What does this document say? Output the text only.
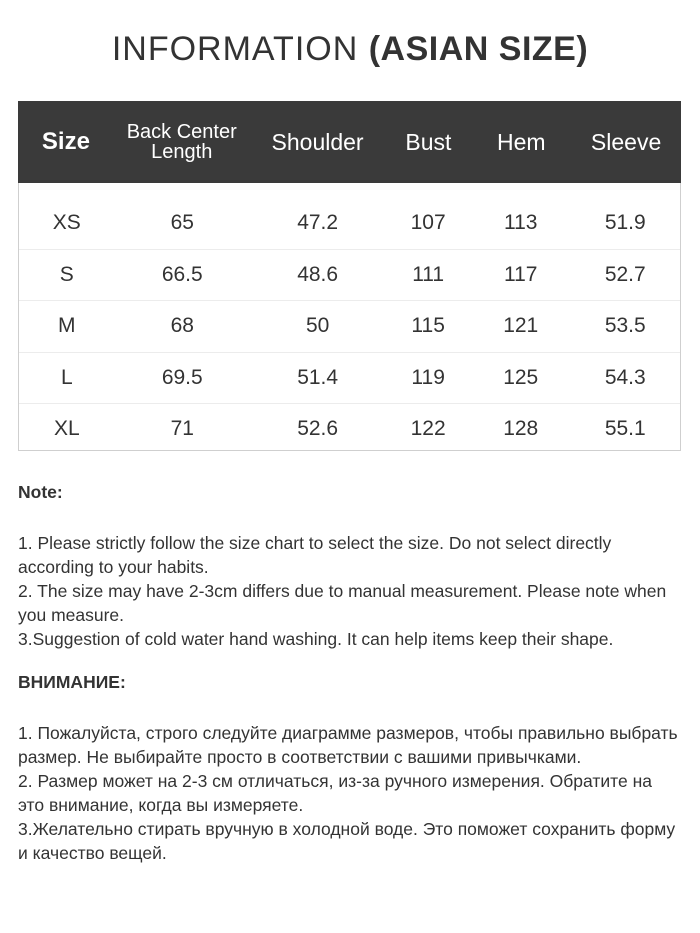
INFORMATION (ASIAN SIZE)
Size	Back Center Length	Shoulder	Bust	Hem	Sleeve
XS	65	47.2	107	113	51.9
S	66.5	48.6	111	117	52.7
M	68	50	115	121	53.5
L	69.5	51.4	119	125	54.3
XL	71	52.6	122	128	55.1

Note:

1. Please strictly follow the size chart to select the size. Do not select directly according to your habits.

2. The size may have 2-3cm differs due to manual measurement. Please note when you measure.

3.Suggestion of cold water hand washing. It can help items keep their shape.

ВНИМАНИЕ:

1. Пожалуйста, строго следуйте диаграмме размеров, чтобы правильно выбрать размер. Не выбирайте просто в соответствии с вашими привычками.

2. Размер может на 2-3 см отличаться, из-за ручного измерения. Обратите на это внимание, когда вы измеряете.

3.Желательно стирать вручную в холодной воде. Это поможет сохранить форму и качество вещей.
